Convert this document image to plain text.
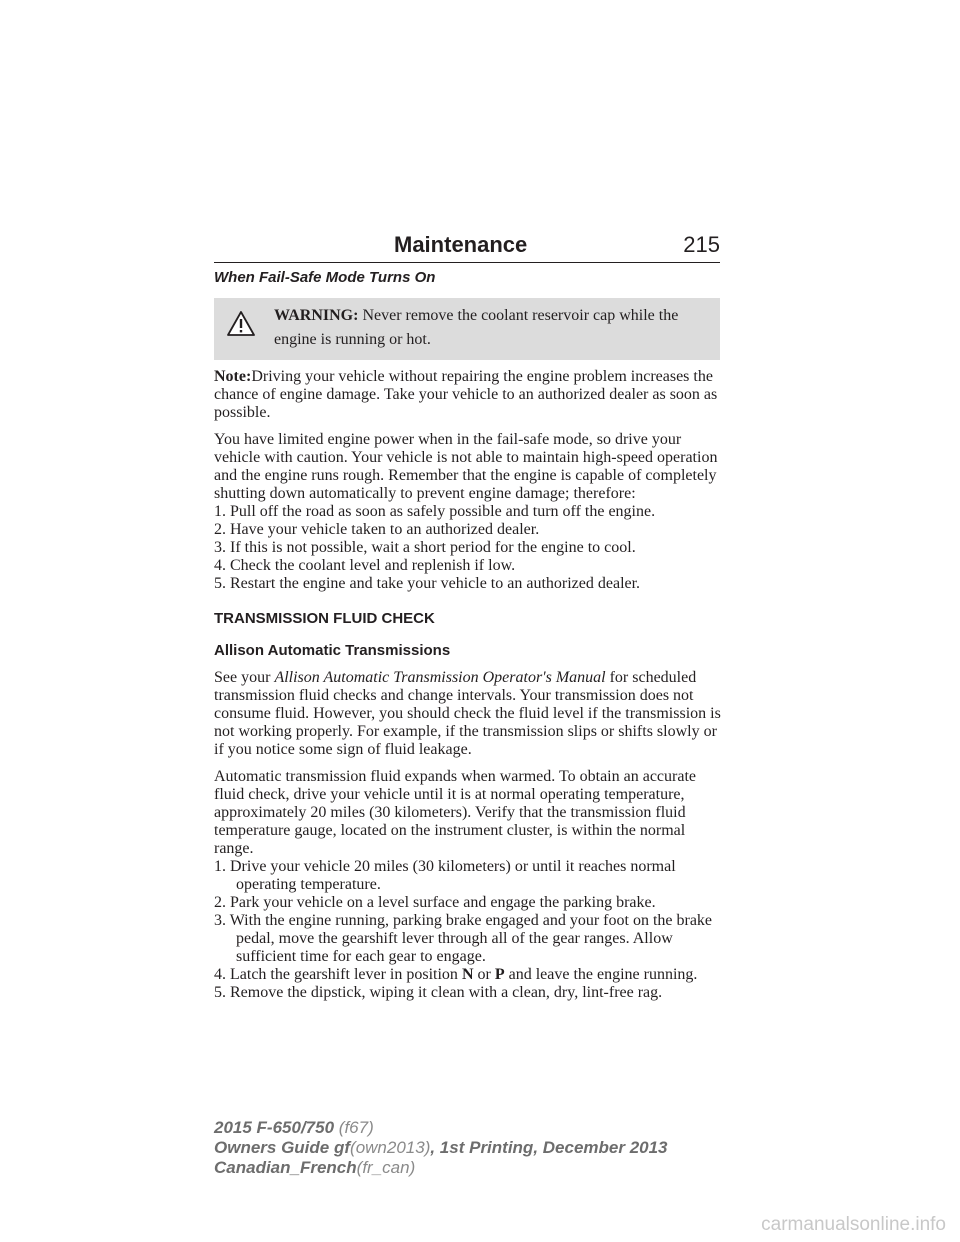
Maintenance	215
When Fail-Safe Mode Turns On
WARNING: Never remove the coolant reservoir cap while the engine is running or hot.

Note:Driving your vehicle without repairing the engine problem increases the chance of engine damage. Take your vehicle to an authorized dealer as soon as possible.

You have limited engine power when in the fail-safe mode, so drive your vehicle with caution. Your vehicle is not able to maintain high-speed operation and the engine runs rough. Remember that the engine is capable of completely shutting down automatically to prevent engine damage; therefore:

1. Pull off the road as soon as safely possible and turn off the engine.
2. Have your vehicle taken to an authorized dealer.
3. If this is not possible, wait a short period for the engine to cool.
4. Check the coolant level and replenish if low.
5. Restart the engine and take your vehicle to an authorized dealer.
TRANSMISSION FLUID CHECK
Allison Automatic Transmissions

See your Allison Automatic Transmission Operator's Manual for scheduled transmission fluid checks and change intervals. Your transmission does not consume fluid. However, you should check the fluid level if the transmission is not working properly. For example, if the transmission slips or shifts slowly or if you notice some sign of fluid leakage.

Automatic transmission fluid expands when warmed. To obtain an accurate fluid check, drive your vehicle until it is at normal operating temperature, approximately 20 miles (30 kilometers). Verify that the transmission fluid temperature gauge, located on the instrument cluster, is within the normal range.

1. Drive your vehicle 20 miles (30 kilometers) or until it reaches normal operating temperature.
2. Park your vehicle on a level surface and engage the parking brake.
3. With the engine running, parking brake engaged and your foot on the brake pedal, move the gearshift lever through all of the gear ranges. Allow sufficient time for each gear to engage.
4. Latch the gearshift lever in position N or P and leave the engine running.
5. Remove the dipstick, wiping it clean with a clean, dry, lint-free rag.
2015 F-650/750 (f67)
Owners Guide gf(own2013), 1st Printing, December 2013
Canadian_French(fr_can)
carmanualsonline.info
